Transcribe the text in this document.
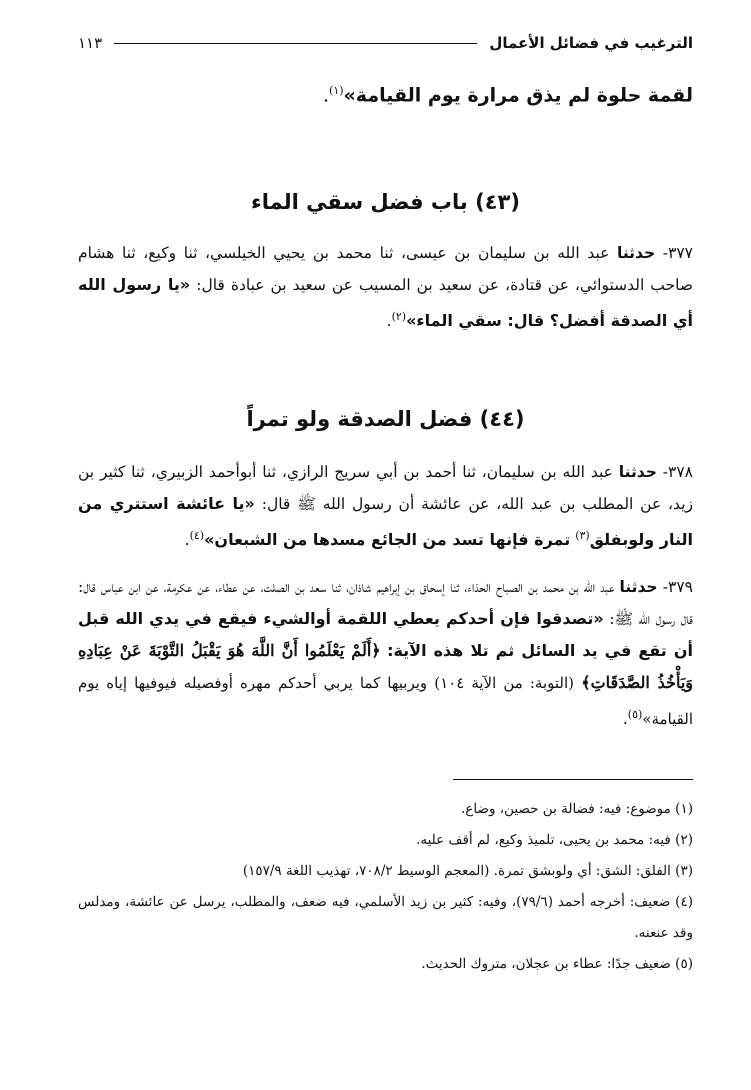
الترغيب في فضائل الأعمال
١١٣
لقمة حلوة لم يذق مرارة يوم القيامة»$^{(١)}$.
(٤٣) باب فضل سقي الماء

٣٧٧- حدثنا عبد الله بن سليمان بن عيسى، ثنا محمد بن يحيي الخيلسي، ثنا وكيع، ثنا هشام صاحب الدستوائي، عن قتادة، عن سعيد بن المسيب عن سعيد بن عبادة قال: «يا رسول الله أي الصدقة أفضل؟ قال: سقي الماء»$^{(٢)}$.

(٤٤) فضل الصدقة ولو تمراً

٣٧٨- حدثنا عبد الله بن سليمان، ثنا أحمد بن أبي سريج الرازي، ثنا أبوأحمد الزبيري، ثنا كثير بن زيد، عن المطلب بن عبد الله، عن عائشة أن رسول الله ﷺ قال: «يا عائشة استتري من النار ولوبفلق$^{(٣)}$ تمرة فإنها تسد من الجائع مسدها من الشبعان»$^{(٤)}$.

٣٧٩- حدثنا عبد الله بن محمد بن الصباح الحذاء، ثنا إسحاق بن إبراهيم شاذان، ثنا سعد بن الصلت، عن عطاء، عن عكرمة، عن ابن عباس قال: قال رسول الله ﷺ: «تصدقوا فإن أحدكم يعطي اللقمة أوالشيء فيقع في يدي الله قبل أن تقع في يد السائل ثم تلا هذه الآية: ﴿أَلَمْ يَعْلَمُوا أَنَّ اللَّهَ هُوَ يَقْبَلُ التَّوْبَةَ عَنْ عِبَادِهِ وَيَأْخُذُ الصَّدَقَاتِ﴾ (التوبة: من الآية ١٠٤) ويربيها كما يربي أحدكم مهره أوفصيله فيوفيها إياه يوم القيامة»$^{(٥)}$.

(١) موضوع: فيه: فضالة بن حصين، وضاع.
(٢) فيه: محمد بن يحيى، تلميذ وكيع، لم أقف عليه.
(٣) الفلق: الشق: أي ولوبشق تمرة. (المعجم الوسيط ٧٠٨/٢، تهذيب اللغة ١٥٧/٩)
(٤) ضعيف: أخرجه أحمد (٧٩/٦)، وفيه: كثير بن زيد الأسلمي، فيه ضعف، والمطلب، يرسل عن عائشة، ومدلس وقد عنعنه.
(٥) ضعيف جدًا: عطاء بن عجلان، متروك الحديث.
